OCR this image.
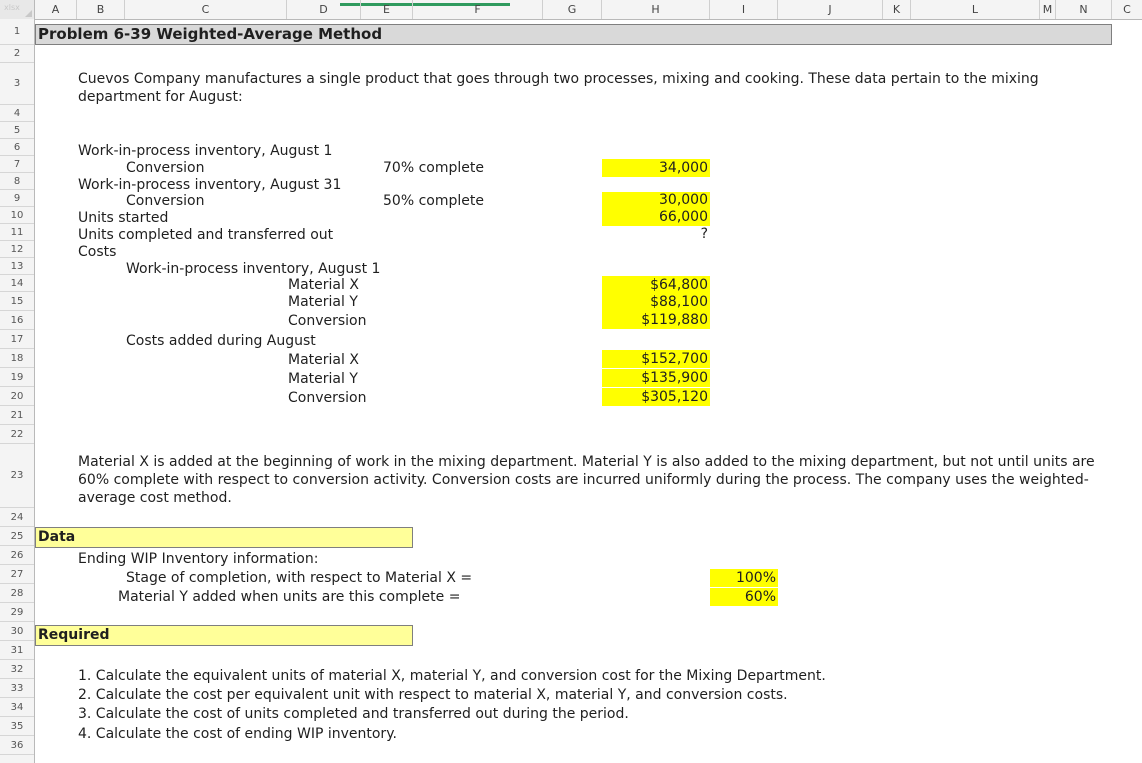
xlsx	A	B	C	D	E	F	G	H	I	J	K	L	M	N	C
1
2
3
4
5
6
7
8
9
10
11
12
13
14
15
16
17
18
19
20
21
22
23
24
25
26
27
28
29
30
31
32
33
34
35
36
Problem 6-39 Weighted-Average Method
Cuevos Company manufactures a single product that goes through two processes, mixing and cooking. These data pertain to the mixing department for August:
Work-in-process inventory, August 1
Conversion	70% complete	34,000
Work-in-process inventory, August 31
Conversion	50% complete	30,000
Units started	66,000
Units completed and transferred out	?
Costs
Work-in-process inventory, August 1
Material X	$64,800
Material Y	$88,100
Conversion	$119,880
Costs added during August
Material X	$152,700
Material Y	$135,900
Conversion	$305,120
Material X is added at the beginning of work in the mixing department. Material Y is also added to the mixing department, but not until units are 60% complete with respect to conversion activity. Conversion costs are incurred uniformly during the process. The company uses the weighted-average cost method.
Data
Ending WIP Inventory information:
Stage of completion, with respect to Material X =	100%
Material Y added when units are this complete =	60%
Required
1. Calculate the equivalent units of material X, material Y, and conversion cost for the Mixing Department.
2. Calculate the cost per equivalent unit with respect to material X, material Y, and conversion costs.
3. Calculate the cost of units completed and transferred out during the period.
4. Calculate the cost of ending WIP inventory.
